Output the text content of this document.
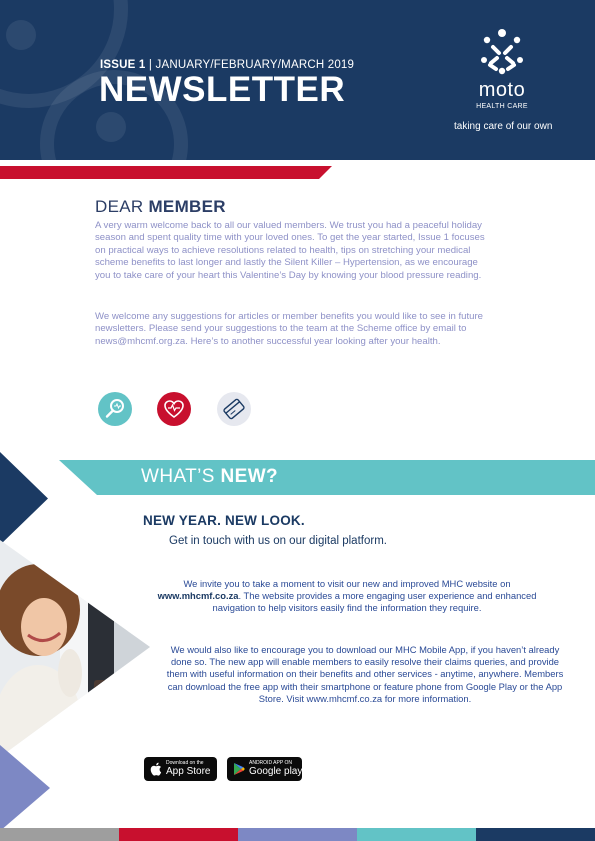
ISSUE 1 | JANUARY/FEBRUARY/MARCH 2019
NEWSLETTER	moto
HEALTH CARE
taking care of our own
DEAR MEMBER

A very warm welcome back to all our valued members. We trust you had a peaceful holiday season and spent quality time with your loved ones. To get the year started, Issue 1 focuses on practical ways to achieve resolutions related to health, tips on stretching your medical scheme benefits to last longer and lastly the Silent Killer – Hypertension, as we encourage you to take care of your heart this Valentine’s Day by knowing your blood pressure reading.

We welcome any suggestions for articles or member benefits you would like to see in future newsletters. Please send your suggestions to the team at the Scheme office by email to news@mhcmf.org.za. Here’s to another successful year looking after your health.

WHAT’S NEW?
NEW YEAR. NEW LOOK.
Get in touch with us on our digital platform.

We invite you to take a moment to visit our new and improved MHC website on www.mhcmf.co.za. The website provides a more engaging user experience and enhanced navigation to help visitors easily find the information they require.

We would also like to encourage you to download our MHC Mobile App, if you haven’t already done so. The new app will enable members to easily resolve their claims queries, and provide them with useful information on their benefits and other services - anytime, anywhere. Members can download the free app with their smartphone or feature phone from Google Play or the App Store. Visit www.mhcmf.co.za for more information.

Download on the
App Store
ANDROID APP ON
Google play
